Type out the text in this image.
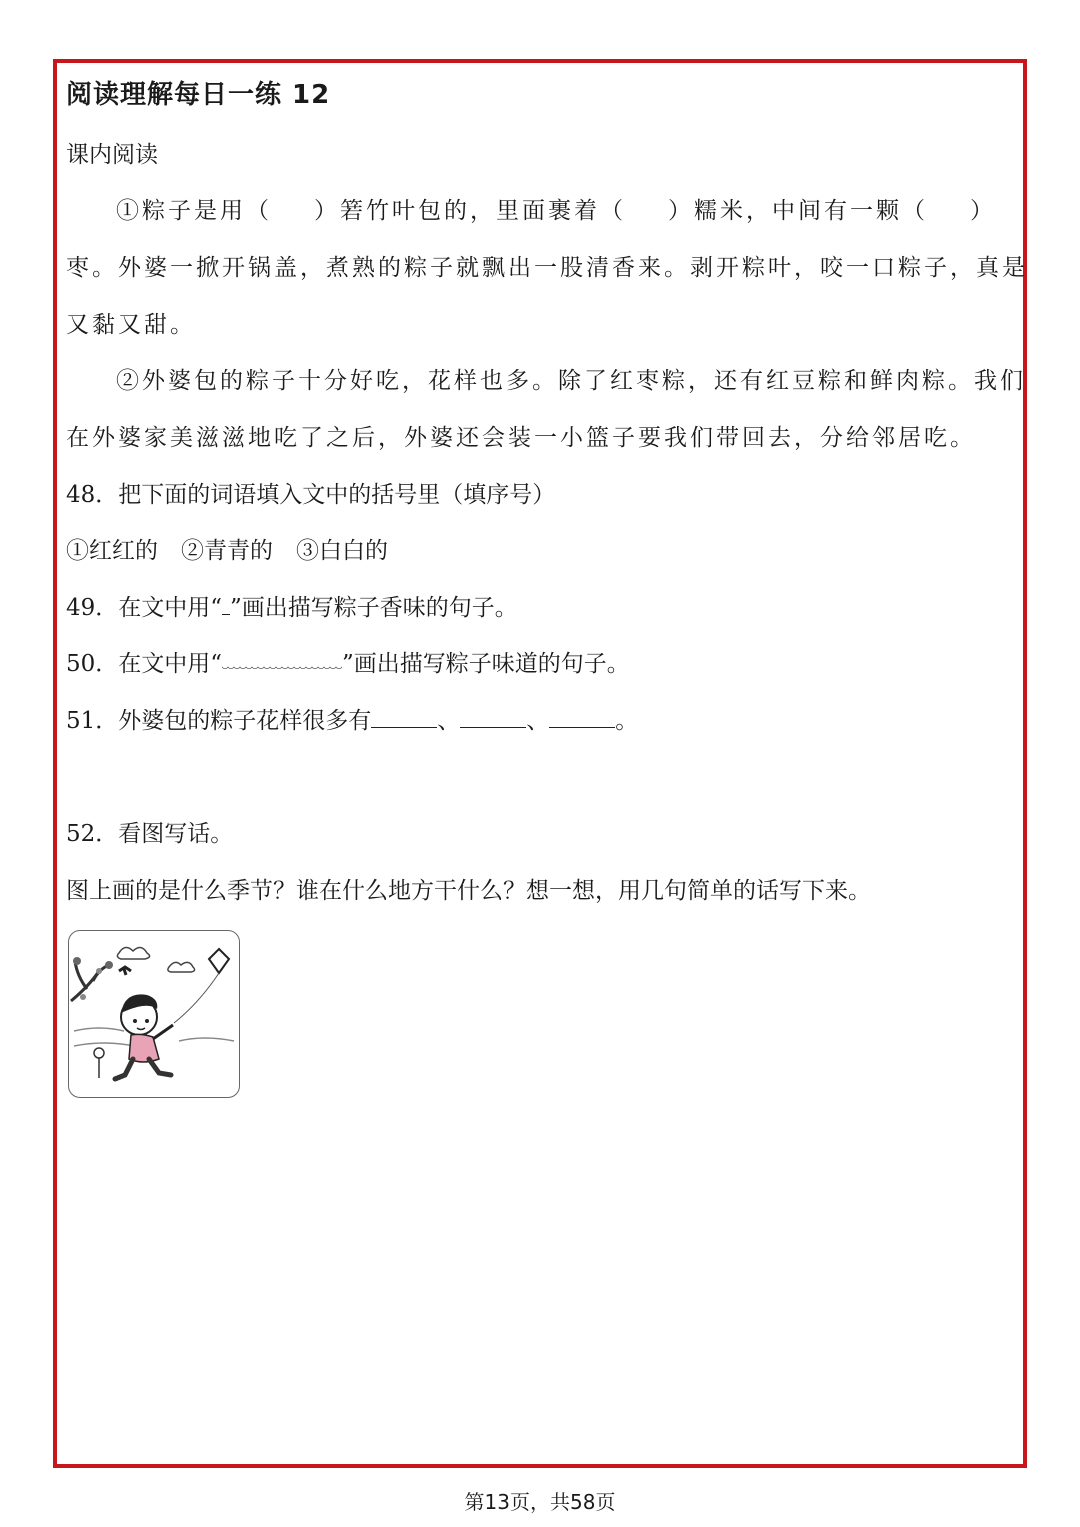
阅读理解每日一练 12
课内阅读
①粽子是用（ ）箬竹叶包的，里面裹着（ ）糯米，中间有一颗（ ）
枣。外婆一掀开锅盖，煮熟的粽子就飘出一股清香来。剥开粽叶，咬一口粽子，真是
又黏又甜。
②外婆包的粽子十分好吃，花样也多。除了红枣粽，还有红豆粽和鲜肉粽。我们
在外婆家美滋滋地吃了之后，外婆还会装一小篮子要我们带回去，分给邻居吃。
48．把下面的词语填入文中的括号里（填序号）
①红红的　②青青的　③白白的
49．在文中用“ ”画出描写粽子香味的句子。
50．在文中用“	”画出描写粽子味道的句子。
51．外婆包的粽子花样很多有	、	、	。
52．看图写话。
图上画的是什么季节？谁在什么地方干什么？想一想，用几句简单的话写下来。
第13页，共58页
